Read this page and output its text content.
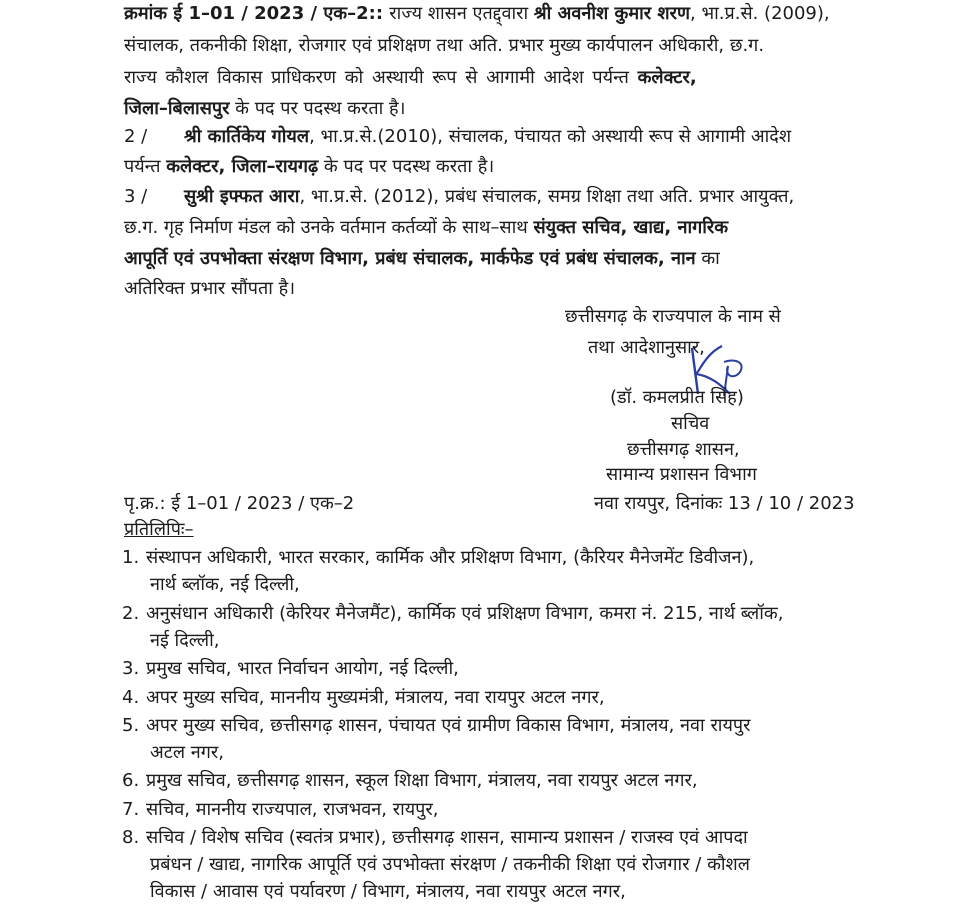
क्रमांक ई 1–01 / 2023 / एक–2:: राज्य शासन एतद्द्वारा श्री अवनीश कुमार शरण, भा.प्र.से. (2009),
संचालक, तकनीकी शिक्षा, रोजगार एवं प्रशिक्षण तथा अति. प्रभार मुख्य कार्यपालन अधिकारी, छ.ग.
राज्य कौशल विकास प्राधिकरण को अस्थायी रूप से आगामी आदेश पर्यन्त कलेक्टर,
जिला–बिलासपुर के पद पर पदस्थ करता है।
2 / श्री कार्तिकेय गोयल, भा.प्र.से.(2010), संचालक, पंचायत को अस्थायी रूप से आगामी आदेश
पर्यन्त कलेक्टर, जिला–रायगढ़ के पद पर पदस्थ करता है।
3 / सुश्री इफ्फत आरा, भा.प्र.से. (2012), प्रबंध संचालक, समग्र शिक्षा तथा अति. प्रभार आयुक्त,
छ.ग. गृह निर्माण मंडल को उनके वर्तमान कर्तव्यों के साथ–साथ संयुक्त सचिव, खाद्य, नागरिक
आपूर्ति एवं उपभोक्ता संरक्षण विभाग, प्रबंध संचालक, मार्कफेड एवं प्रबंध संचालक, नान का
अतिरिक्त प्रभार सौंपता है।
छत्तीसगढ़ के राज्यपाल के नाम से
तथा आदेशानुसार,
(डॉ. कमलप्रीत सिंह)
सचिव
छत्तीसगढ़ शासन,
सामान्य प्रशासन विभाग
पृ.क्र.: ई 1–01 / 2023 / एक–2	नवा रायपुर, दिनांकः 13 / 10 / 2023
प्रतिलिपिः–
1. संस्थापन अधिकारी, भारत सरकार, कार्मिक और प्रशिक्षण विभाग, (कैरियर मैनेजमेंट डिवीजन),
नार्थ ब्लॉक, नई दिल्ली,
2. अनुसंधान अधिकारी (केरियर मैनेजमैंट), कार्मिक एवं प्रशिक्षण विभाग, कमरा नं. 215, नार्थ ब्लॉक,
नई दिल्ली,
3. प्रमुख सचिव, भारत निर्वाचन आयोग, नई दिल्ली,
4. अपर मुख्य सचिव, माननीय मुख्यमंत्री, मंत्रालय, नवा रायपुर अटल नगर,
5. अपर मुख्य सचिव, छत्तीसगढ़ शासन, पंचायत एवं ग्रामीण विकास विभाग, मंत्रालय, नवा रायपुर
अटल नगर,
6. प्रमुख सचिव, छत्तीसगढ़ शासन, स्कूल शिक्षा विभाग, मंत्रालय, नवा रायपुर अटल नगर,
7. सचिव, माननीय राज्यपाल, राजभवन, रायपुर,
8. सचिव / विशेष सचिव (स्वतंत्र प्रभार), छत्तीसगढ़ शासन, सामान्य प्रशासन / राजस्व एवं आपदा
प्रबंधन / खाद्य, नागरिक आपूर्ति एवं उपभोक्ता संरक्षण / तकनीकी शिक्षा एवं रोजगार / कौशल
विकास / आवास एवं पर्यावरण / विभाग, मंत्रालय, नवा रायपुर अटल नगर,
